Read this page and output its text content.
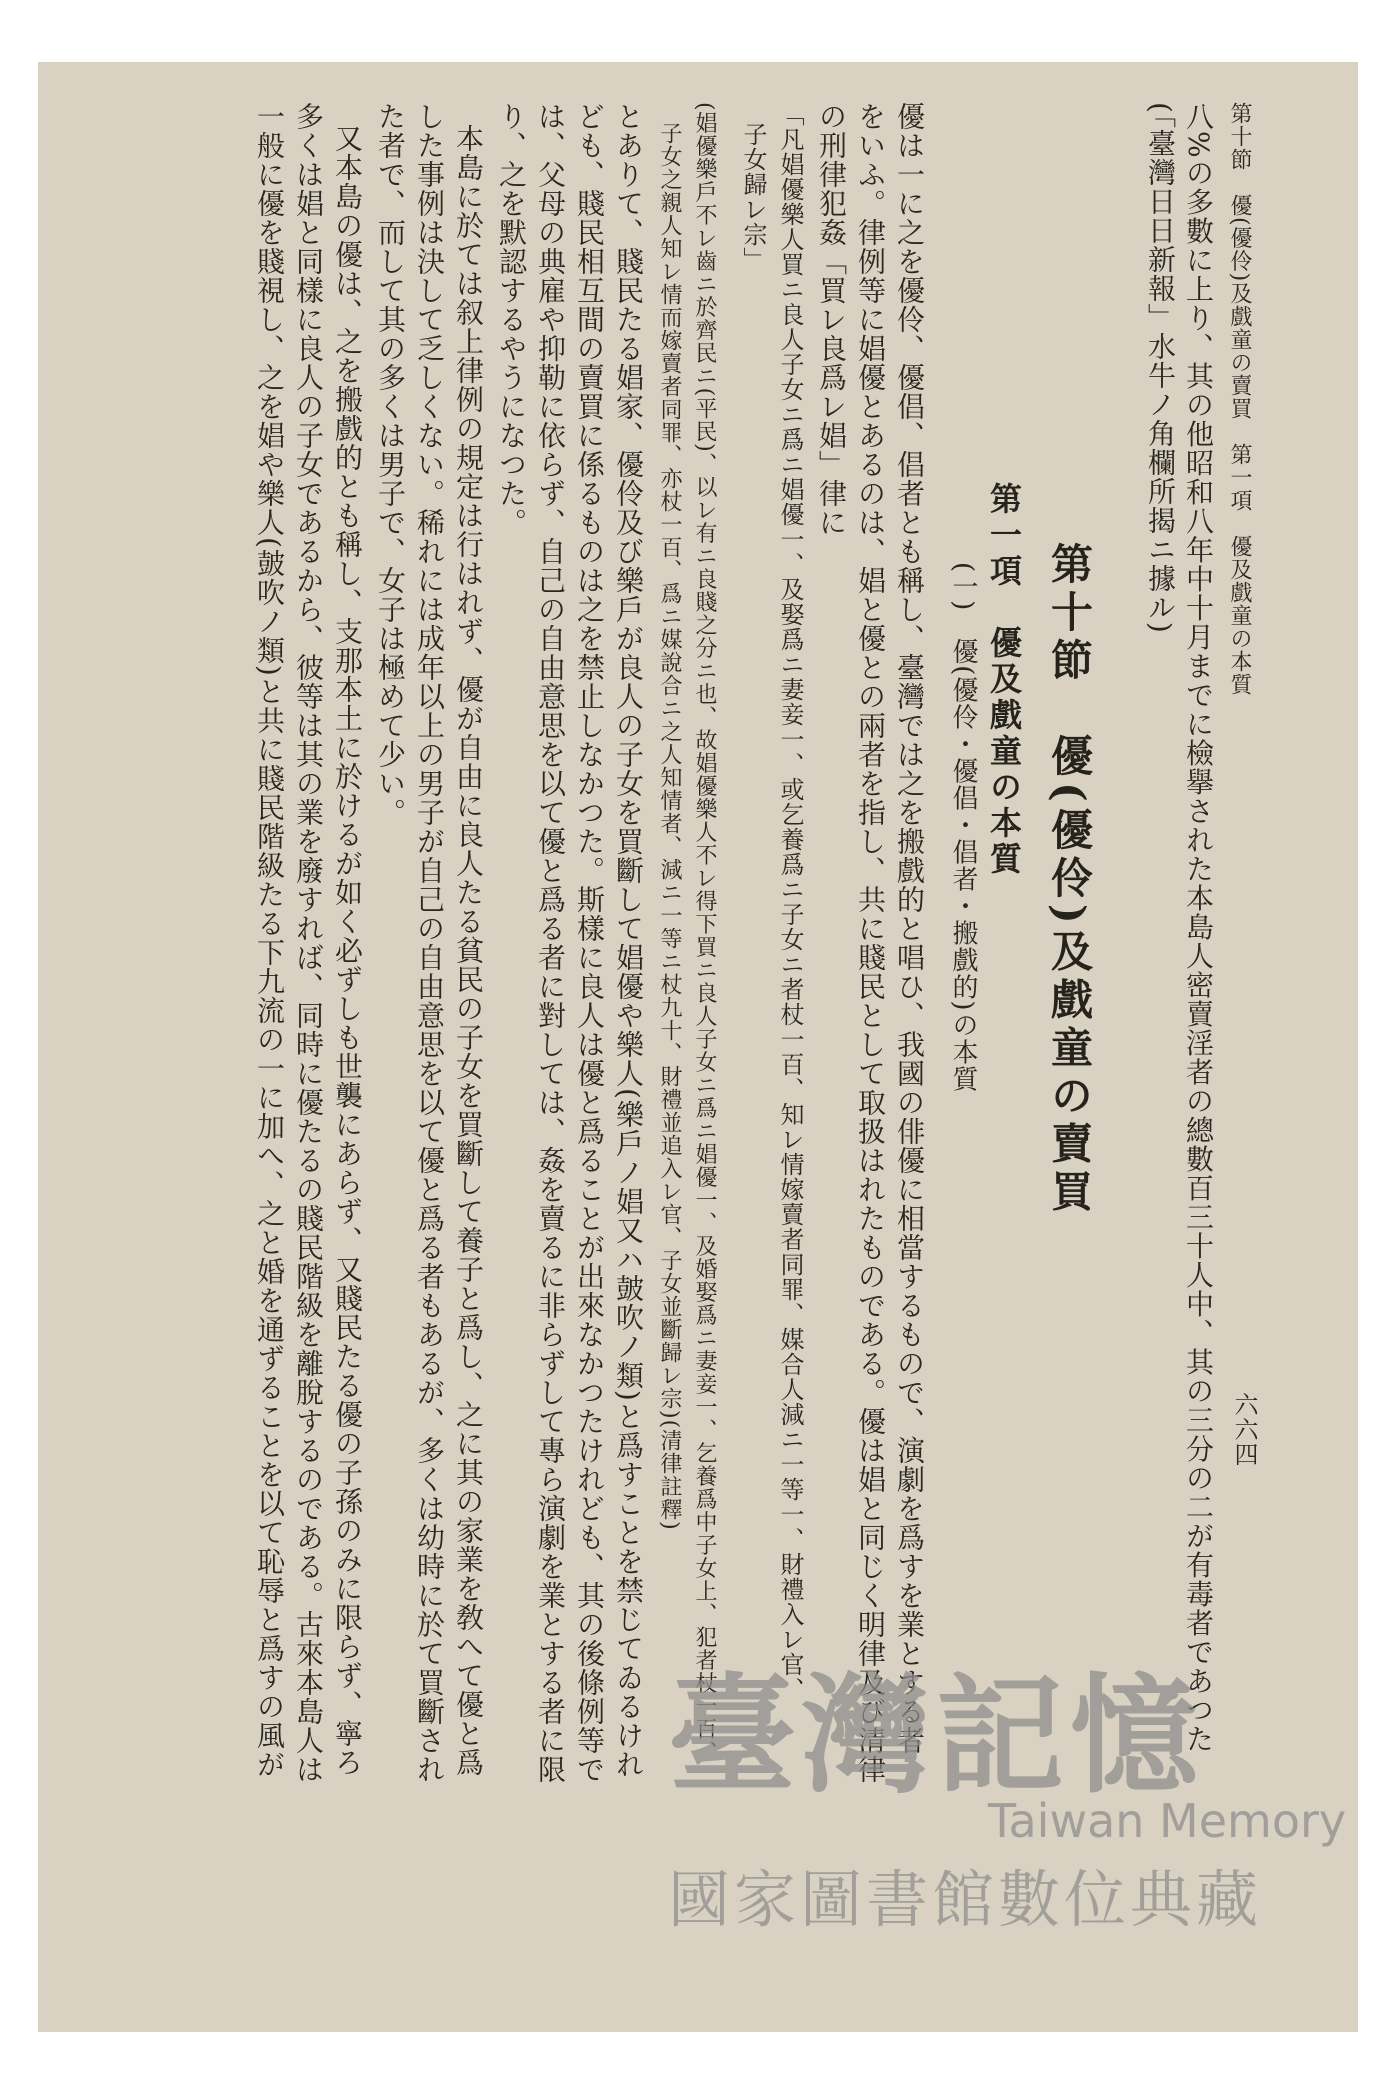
第十節　優(優伶)及戲童の賣買　第一項　優及戲童の本質
六六四
八%の多數に上り、其の他昭和八年中十月までに檢擧された本島人密賣淫者の總數百三十人中、其の三分の二が有毒者であつた
(「臺灣日日新報」水牛ノ角欄所揭ニ據ル)
第十節　優(優伶)及戲童の賣買
第一項　優及戲童の本質
(一)　優(優伶・優倡・倡者・搬戲的)の本質
優は一に之を優伶、優倡、倡者とも稱し、臺灣では之を搬戲的と唱ひ、我國の俳優に相當するもので、演劇を爲すを業とする者
をいふ。律例等に娼優とあるのは、娼と優との兩者を指し、共に賤民として取扱はれたものである。優は娼と同じく明律及び清律
の刑律犯姦「買レ良爲レ娼」律に
「凡娼優樂人買ニ良人子女ニ爲ニ娼優一、及娶爲ニ妻妾一、或乞養爲ニ子女ニ者杖一百、知レ情嫁賣者同罪、媒合人減ニ一等一、財禮入レ官、
子女歸レ宗」
(娼優樂戶不レ齒ニ於齊民ニ(平民)、以レ有ニ良賤之分ニ也、故娼優樂人不レ得下買ニ良人子女ニ爲ニ娼優一、及婚娶爲ニ妻妾一、乞養爲中子女上、犯者杖一百、
子女之親人知レ情而嫁賣者同罪、亦杖一百、爲ニ媒說合ニ之人知情者、減ニ一等ニ杖九十、財禮並追入レ官、子女並斷歸レ宗)(清律註釋)
とありて、賤民たる娼家、優伶及び樂戶が良人の子女を買斷して娼優や樂人(樂戶ノ娼又ハ皷吹ノ類)と爲すことを禁じてゐるけれ
ども、賤民相互間の賣買に係るものは之を禁止しなかつた。斯樣に良人は優と爲ることが出來なかつたけれども、其の後條例等で
は、父母の典雇や抑勒に依らず、自己の自由意思を以て優と爲る者に對しては、姦を賣るに非らずして專ら演劇を業とする者に限
り、之を默認するやうになつた。
本島に於ては叙上律例の規定は行はれず、優が自由に良人たる貧民の子女を買斷して養子と爲し、之に其の家業を敎へて優と爲
した事例は決して乏しくない。稀れには成年以上の男子が自己の自由意思を以て優と爲る者もあるが、多くは幼時に於て買斷され
た者で、而して其の多くは男子で、女子は極めて少い。
又本島の優は、之を搬戲的とも稱し、支那本土に於けるが如く必ずしも世襲にあらず、又賤民たる優の子孫のみに限らず、寧ろ
多くは娼と同樣に良人の子女であるから、彼等は其の業を廢すれば、同時に優たるの賤民階級を離脫するのである。古來本島人は
一般に優を賤視し、之を娼や樂人(皷吹ノ類)と共に賤民階級たる下九流の一に加へ、之と婚を通ずることを以て恥辱と爲すの風が	臺灣記憶
Taiwan Memory
國家圖書館數位典藏
